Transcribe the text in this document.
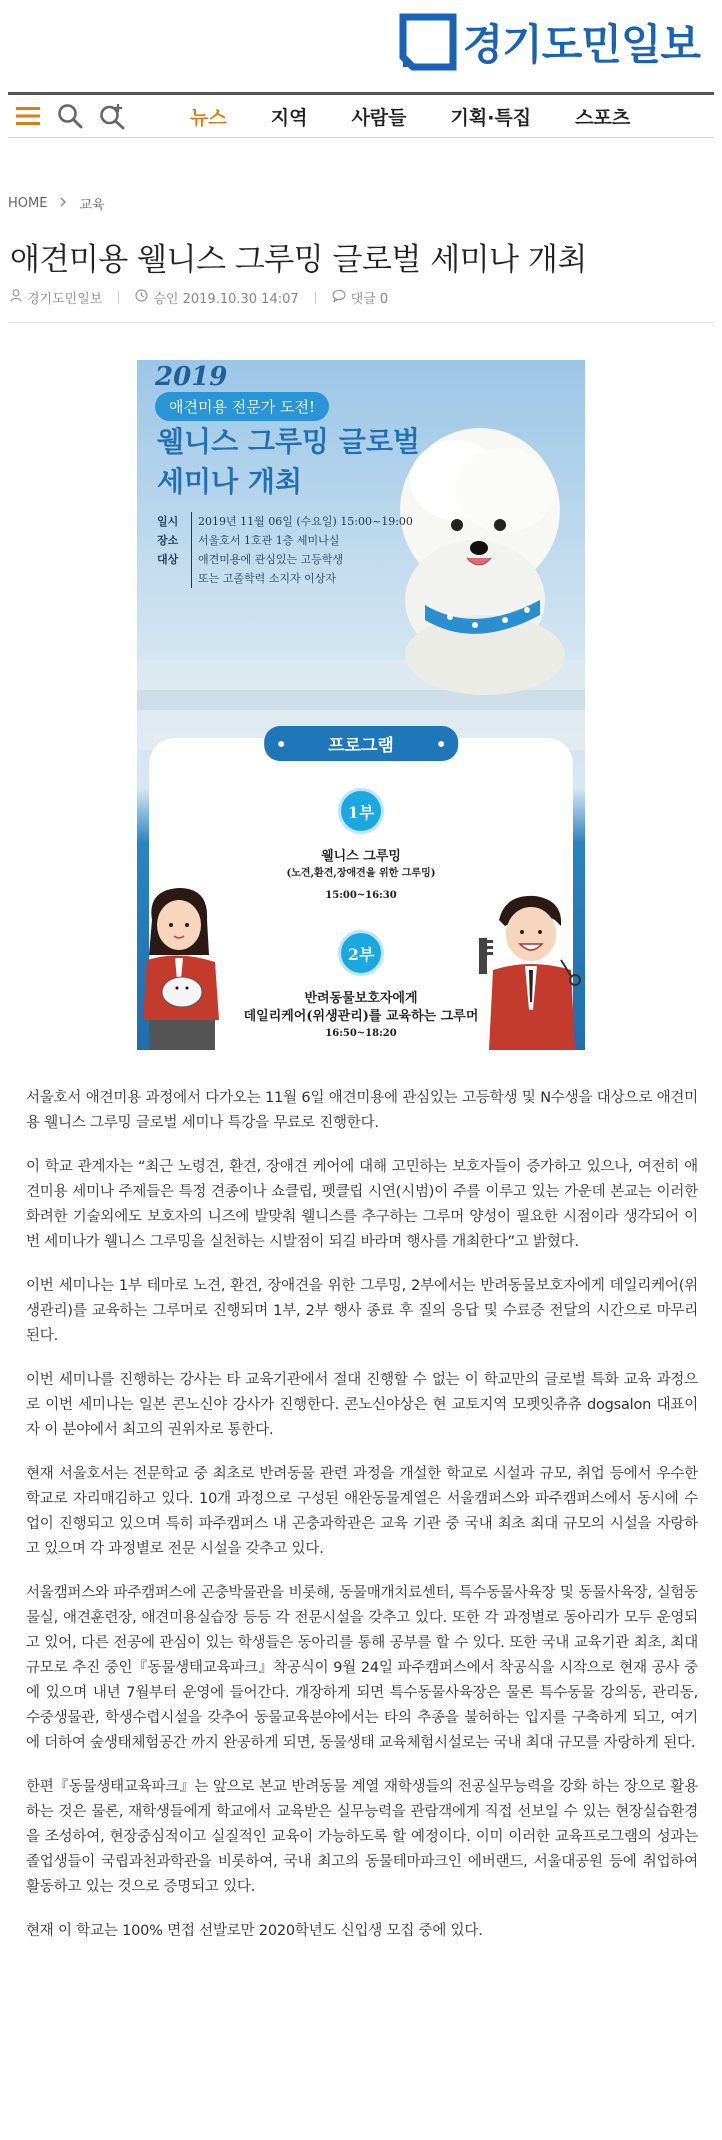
경기도민일보
뉴스	지역	사람들	기획·특집	스포츠
HOME 교육
애견미용 웰니스 그루밍 글로벌 세미나 개최
경기도민일보	승인 2019.10.30 14:07	댓글 0
2019
애견미용 전문가 도전!
웰니스 그루밍 글로벌
세미나 개최
일시	2019년 11월 06일 (수요일) 15:00~19:00
장소	서울호서 1호관 1층 세미나실
대상	애견미용에 관심있는 고등학생
또는 고졸학력 소지자 이상자
프로그램
1부
웰니스 그루밍
(노견,환견,장애견을 위한 그루밍)
15:00~16:30
2부
반려동물보호자에게
데일리케어(위생관리)를 교육하는 그루머
16:50~18:20

서울호서 애견미용 과정에서 다가오는 11월 6일 애견미용에 관심있는 고등학생 및 N수생을 대상으로 애견미용 웰니스 그루밍 글로벌 세미나 특강을 무료로 진행한다.

이 학교 관계자는 “최근 노령견, 환견, 장애견 케어에 대해 고민하는 보호자들이 증가하고 있으나, 여전히 애견미용 세미나 주제들은 특정 견종이나 쇼클립, 펫클립 시연(시범)이 주를 이루고 있는 가운데 본교는 이러한 화려한 기술외에도 보호자의 니즈에 발맞춰 웰니스를 추구하는 그루머 양성이 필요한 시점이라 생각되어 이번 세미나가 웰니스 그루밍을 실천하는 시발점이 되길 바라며 행사를 개최한다”고 밝혔다.

이번 세미나는 1부 테마로 노견, 환견, 장애견을 위한 그루밍, 2부에서는 반려동물보호자에게 데일리케어(위생관리)를 교육하는 그루머로 진행되며 1부, 2부 행사 종료 후 질의 응답 및 수료증 전달의 시간으로 마무리 된다.

이번 세미나를 진행하는 강사는 타 교육기관에서 절대 진행할 수 없는 이 학교만의 글로벌 특화 교육 과정으로 이번 세미나는 일본 콘노신야 강사가 진행한다. 콘노신야상은 현 교토지역 모펫잇츄츄 dogsalon 대표이자 이 분야에서 최고의 권위자로 통한다.

현재 서울호서는 전문학교 중 최초로 반려동물 관련 과정을 개설한 학교로 시설과 규모, 취업 등에서 우수한 학교로 자리매김하고 있다. 10개 과정으로 구성된 애완동물계열은 서울캠퍼스와 파주캠퍼스에서 동시에 수업이 진행되고 있으며 특히 파주캠퍼스 내 곤충과학관은 교육 기관 중 국내 최초 최대 규모의 시설을 자랑하고 있으며 각 과정별로 전문 시설을 갖추고 있다.

서울캠퍼스와 파주캠퍼스에 곤충박물관을 비롯해, 동물매개치료센터, 특수동물사육장 및 동물사육장, 실험동물실, 애견훈련장, 애견미용실습장 등등 각 전문시설을 갖추고 있다. 또한 각 과정별로 동아리가 모두 운영되고 있어, 다른 전공에 관심이 있는 학생들은 동아리를 통해 공부를 할 수 있다. 또한 국내 교육기관 최초, 최대 규모로 추진 중인『동물생태교육파크』착공식이 9월 24일 파주캠퍼스에서 착공식을 시작으로 현재 공사 중에 있으며 내년 7월부터 운영에 들어간다. 개장하게 되면 특수동물사육장은 물론 특수동물 강의동, 관리동, 수중생물관, 학생수렵시설을 갖추어 동물교육분야에서는 타의 추종을 불허하는 입지를 구축하게 되고, 여기에 더하여 숲생태체험공간 까지 완공하게 되면, 동물생태 교육체험시설로는 국내 최대 규모를 자랑하게 된다.

한편『동물생태교육파크』는 앞으로 본교 반려동물 계열 재학생들의 전공실무능력을 강화 하는 장으로 활용하는 것은 물론, 재학생들에게 학교에서 교육받은 실무능력을 관람객에게 직접 선보일 수 있는 현장실습환경을 조성하여, 현장중심적이고 실질적인 교육이 가능하도록 할 예정이다. 이미 이러한 교육프로그램의 성과는 졸업생들이 국립과천과학관을 비롯하여, 국내 최고의 동물테마파크인 에버랜드, 서울대공원 등에 취업하여 활동하고 있는 것으로 증명되고 있다.

현재 이 학교는 100% 면접 선발로만 2020학년도 신입생 모집 중에 있다.
